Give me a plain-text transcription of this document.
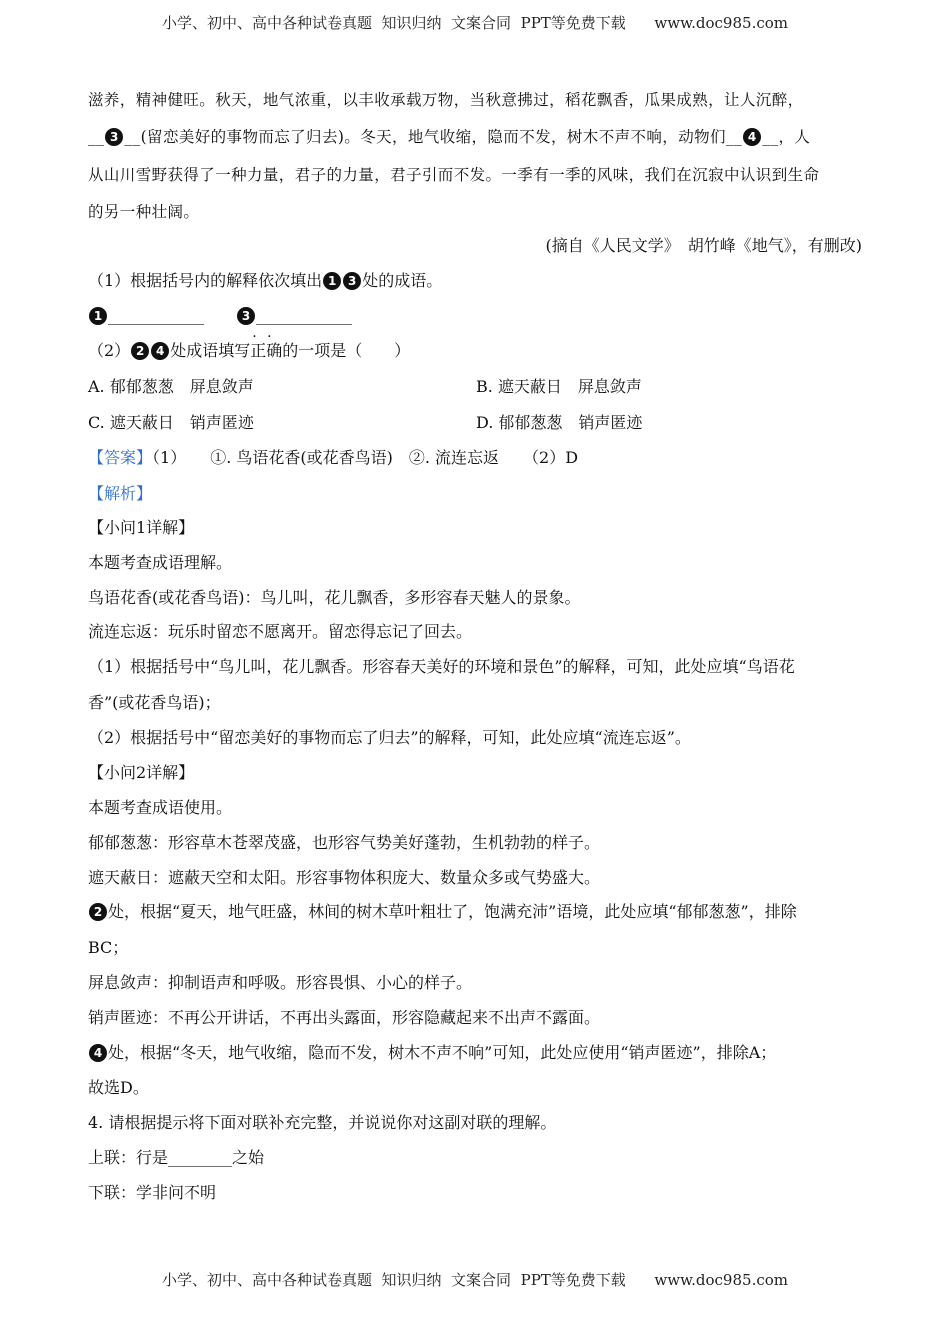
小学、初中、高中各种试卷真题  知识归纳  文案合同  PPT等免费下载      www.doc985.com
滋养，精神健旺。秋天，地气浓重，以丰收承载万物，当秋意拂过，稻花飘香，瓜果成熟，让人沉醉，
__ 3 __(留恋美好的事物而忘了归去)。冬天，地气收缩，隐而不发，树木不声不响，动物们__ 4 __，人
从山川雪野获得了一种力量，君子的力量，君子引而不发。一季有一季的风味，我们在沉寂中认识到生命
的另一种壮阔。
(摘自《人民文学》　胡竹峰《地气》，有删改)
（1）根据括号内的解释依次填出 1 3 处的成语。
1 ____________	3 ____________
（2） 2 4 处成语填写· · 正确的一项是（　　）
A. 郁郁葱葱　屏息敛声	B. 遮天蔽日　屏息敛声
C. 遮天蔽日　销声匿迹	D. 郁郁葱葱　销声匿迹
【答案】（1）　　①. 鸟语花香(或花香鸟语)　②. 流连忘返　　（2）D
【解析】
【小问1详解】
本题考查成语理解。
鸟语花香(或花香鸟语)：鸟儿叫，花儿飘香，多形容春天魅人的景象。
流连忘返：玩乐时留恋不愿离开。留恋得忘记了回去。
（1）根据括号中“鸟儿叫，花儿飘香。形容春天美好的环境和景色”的解释，可知，此处应填“鸟语花
香”(或花香鸟语)；
（2）根据括号中“留恋美好的事物而忘了归去”的解释，可知，此处应填“流连忘返”。
【小问2详解】
本题考查成语使用。
郁郁葱葱：形容草木苍翠茂盛，也形容气势美好蓬勃，生机勃勃的样子。
遮天蔽日：遮蔽天空和太阳。形容事物体积庞大、数量众多或气势盛大。
2 处，根据“夏天，地气旺盛，林间的树木草叶粗壮了，饱满充沛”语境，此处应填“郁郁葱葱”，排除
BC；
屏息敛声：抑制语声和呼吸。形容畏惧、小心的样子。
销声匿迹：不再公开讲话，不再出头露面，形容隐藏起来不出声不露面。
4 处，根据“冬天，地气收缩，隐而不发，树木不声不响”可知，此处应使用“销声匿迹”，排除A；
故选D。
4. 请根据提示将下面对联补充完整，并说说你对这副对联的理解。
上联：行是________之始
下联：学非问不明
小学、初中、高中各种试卷真题  知识归纳  文案合同  PPT等免费下载      www.doc985.com
